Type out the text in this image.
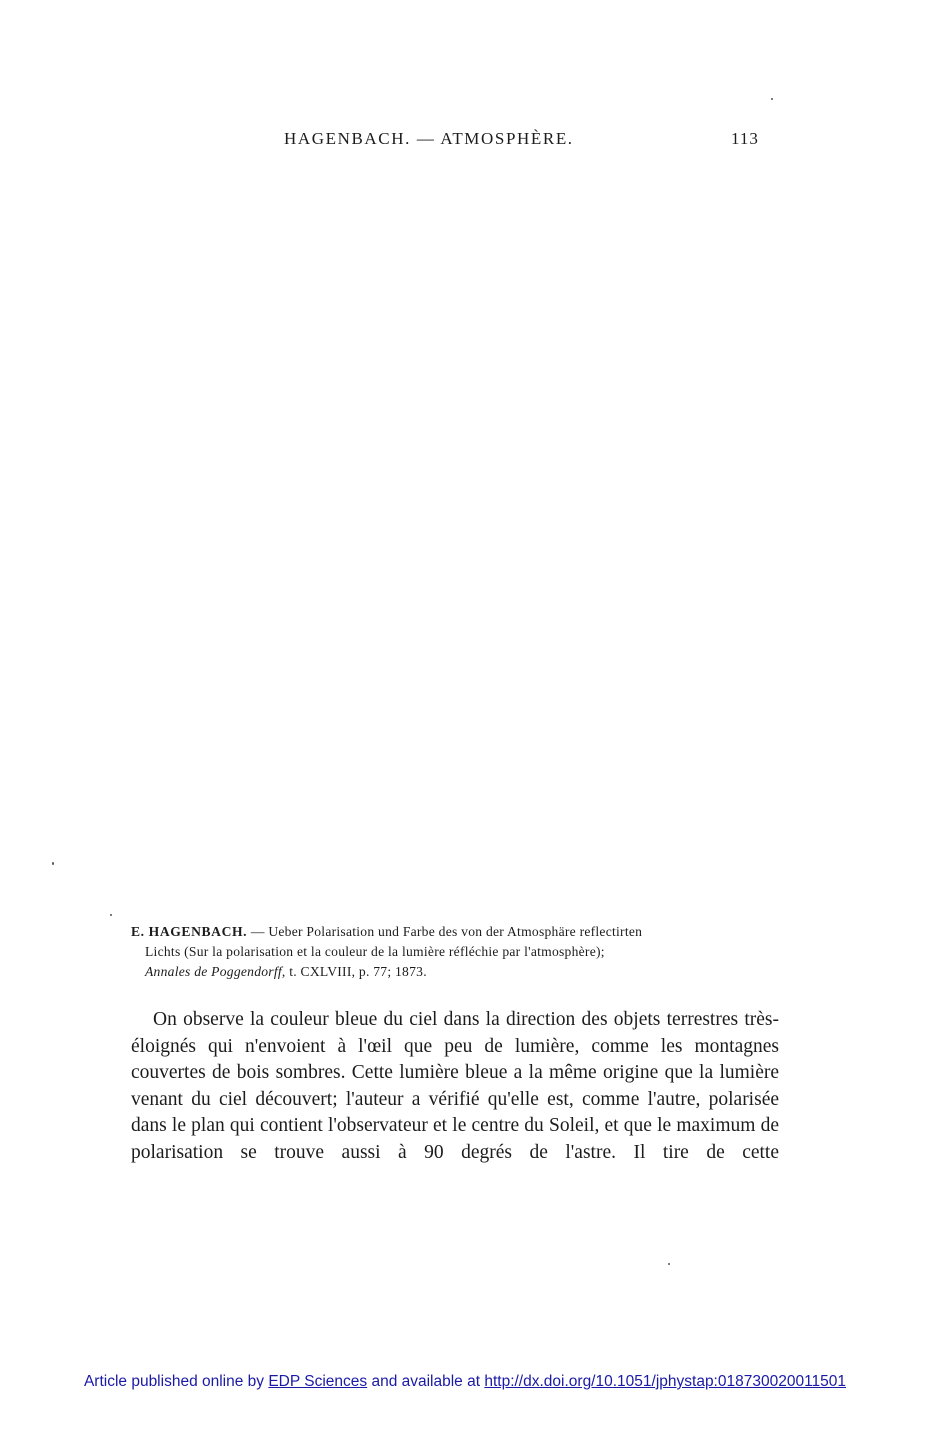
HAGENBACH. — ATMOSPHÈRE.	113
E. HAGENBACH. — Ueber Polarisation und Farbe des von der Atmosphäre reflectirten
Lichts (Sur la polarisation et la couleur de la lumière réfléchie par l'atmosphère);
Annales de Poggendorff, t. CXLVIII, p. 77; 1873.

On observe la couleur bleue du ciel dans la direction des objets terrestres très-éloignés qui n'envoient à l'œil que peu de lumière, comme les montagnes couvertes de bois sombres. Cette lumière bleue a la même origine que la lumière venant du ciel découvert; l'auteur a vérifié qu'elle est, comme l'autre, polarisée dans le plan qui contient l'observateur et le centre du Soleil, et que le maximum de polarisation se trouve aussi à 90 degrés de l'astre. Il tire de cette

Article published online by EDP Sciences and available at http://dx.doi.org/10.1051/jphystap:018730020011501
